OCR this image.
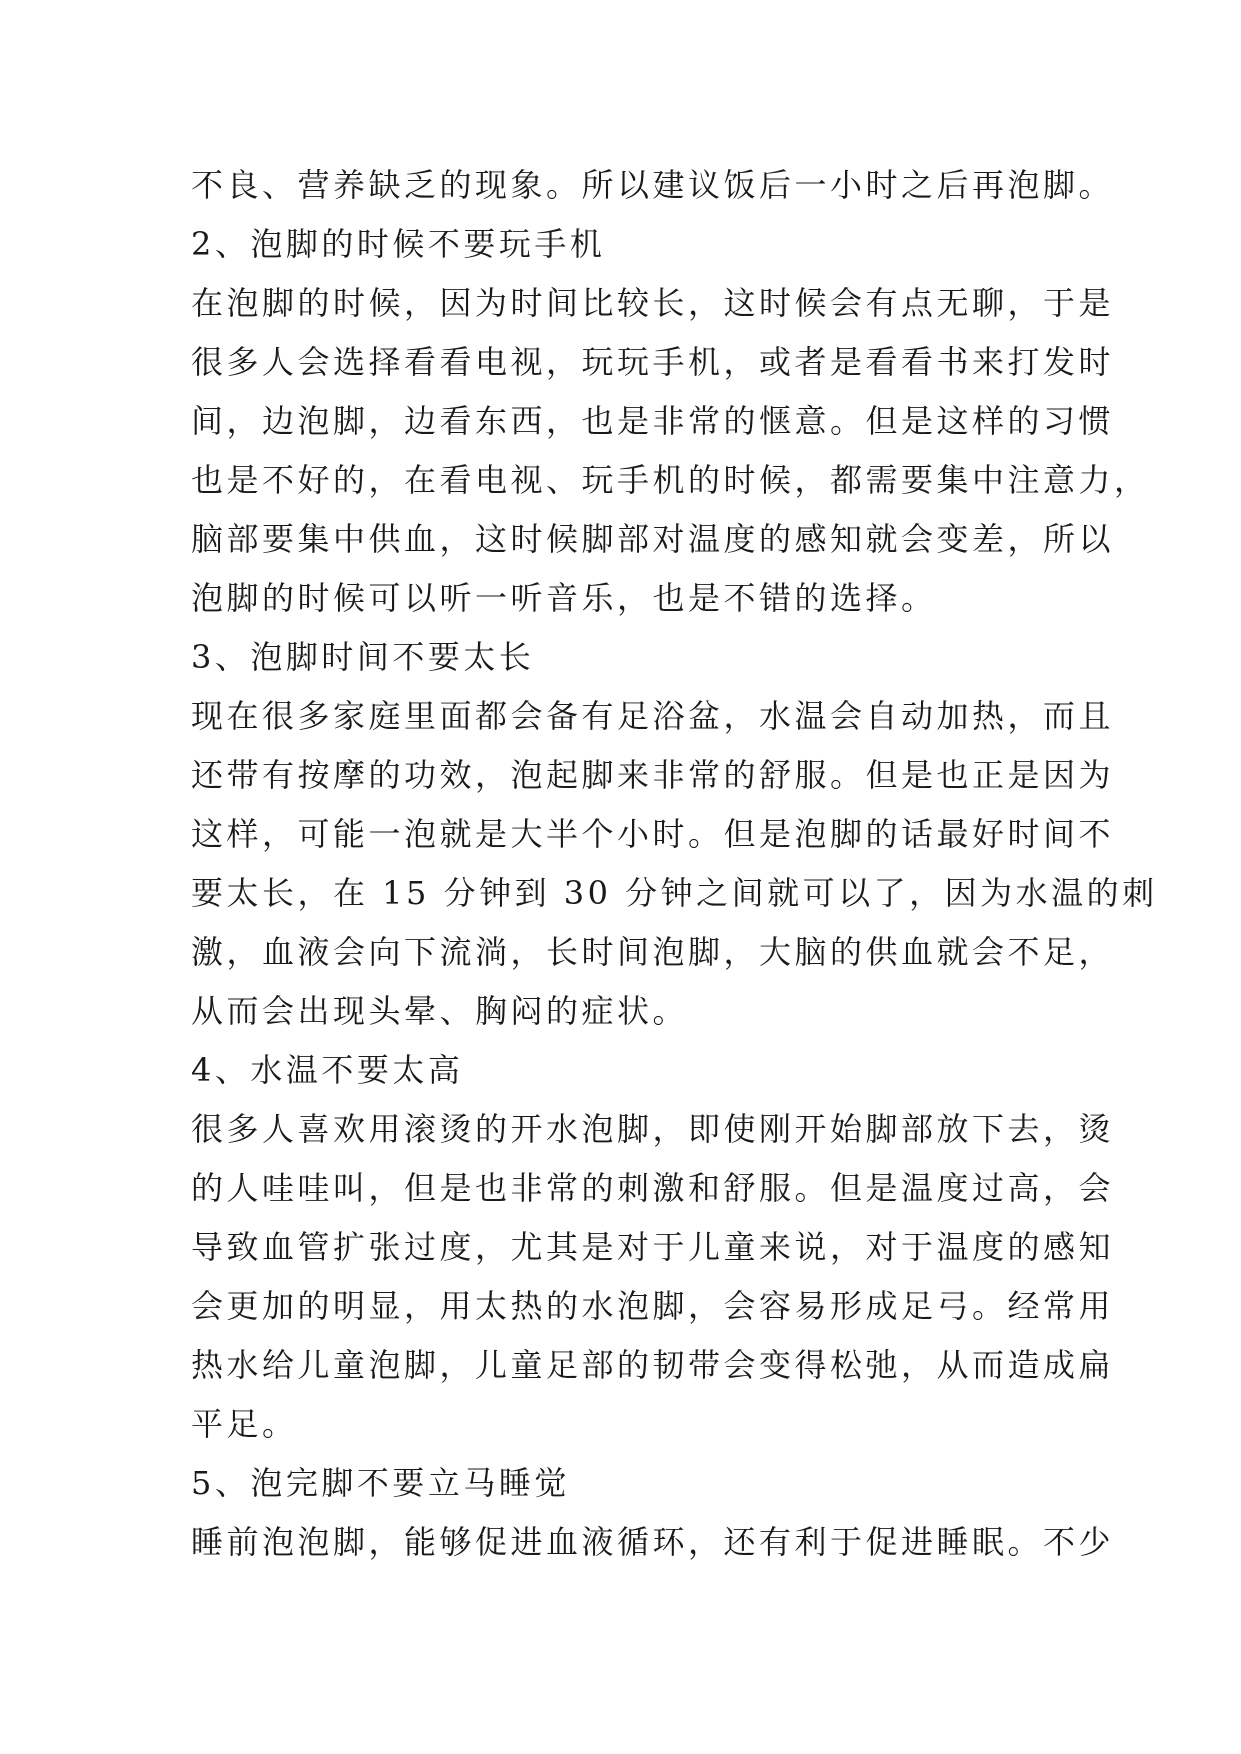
不良、营养缺乏的现象。所以建议饭后一小时之后再泡脚。
2、泡脚的时候不要玩手机
在泡脚的时候，因为时间比较长，这时候会有点无聊，于是
很多人会选择看看电视，玩玩手机，或者是看看书来打发时
间，边泡脚，边看东西，也是非常的惬意。但是这样的习惯
也是不好的，在看电视、玩手机的时候，都需要集中注意力，
脑部要集中供血，这时候脚部对温度的感知就会变差，所以
泡脚的时候可以听一听音乐，也是不错的选择。
3、泡脚时间不要太长
现在很多家庭里面都会备有足浴盆，水温会自动加热，而且
还带有按摩的功效，泡起脚来非常的舒服。但是也正是因为
这样，可能一泡就是大半个小时。但是泡脚的话最好时间不
要太长，在 15 分钟到 30 分钟之间就可以了，因为水温的刺
激，血液会向下流淌，长时间泡脚，大脑的供血就会不足，
从而会出现头晕、胸闷的症状。
4、水温不要太高
很多人喜欢用滚烫的开水泡脚，即使刚开始脚部放下去，烫
的人哇哇叫，但是也非常的刺激和舒服。但是温度过高，会
导致血管扩张过度，尤其是对于儿童来说，对于温度的感知
会更加的明显，用太热的水泡脚，会容易形成足弓。经常用
热水给儿童泡脚，儿童足部的韧带会变得松弛，从而造成扁
平足。
5、泡完脚不要立马睡觉
睡前泡泡脚，能够促进血液循环，还有利于促进睡眠。不少
